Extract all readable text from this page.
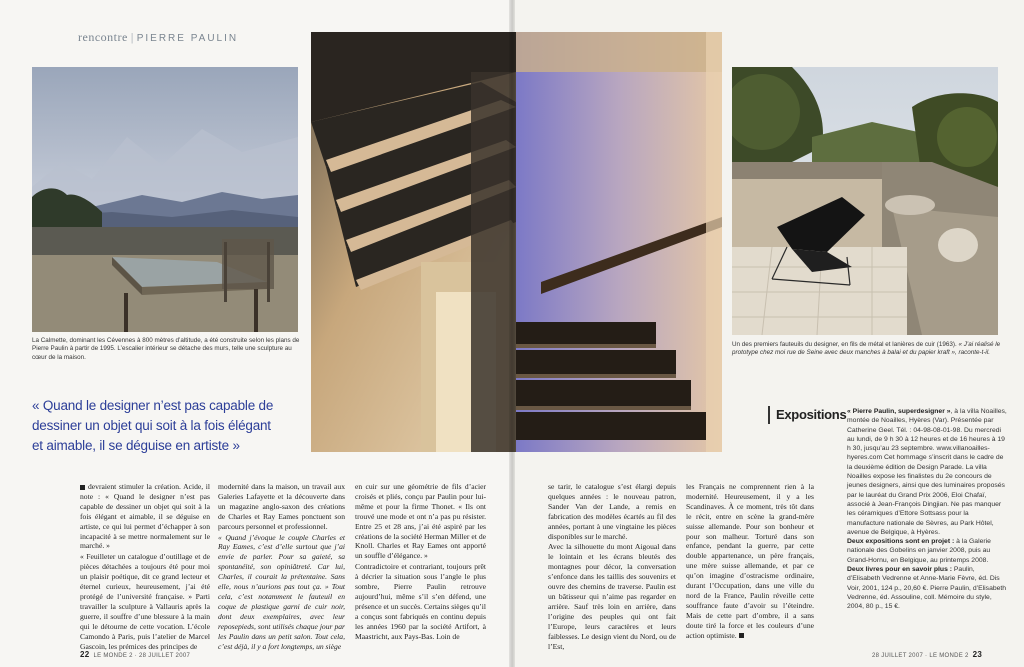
rencontre | PIERRE PAULIN
La Calmette, dominant les Cévennes à 800 mètres d’altitude, a été construite selon les plans de Pierre Paulin à partir de 1995. L’escalier intérieur se détache des murs, telle une sculpture au cœur de la maison.
Un des premiers fauteuils du designer, en fils de métal et lanières de cuir (1963). « J’ai réalisé le prototype chez moi rue de Seine avec deux manches à balai et du papier kraft », raconte-t-il.
« Quand le designer n’est pas capable de dessiner un objet qui soit à la fois élégant et aimable, il se déguise en artiste »

devraient stimuler la création. Acide, il note : « Quand le designer n’est pas capable de dessiner un objet qui soit à la fois élégant et aimable, il se déguise en artiste, ce qui lui permet d’échapper à son incapacité à se mettre normalement sur le marché. »

« Feuilleter un catalogue d’outillage et de pièces détachées a toujours été pour moi un plaisir poétique, dit ce grand lecteur et éternel curieux, heureusement, j’ai été protégé de l’université française. » Parti travailler la sculpture à Vallauris après la guerre, il souffre d’une blessure à la main qui le détourne de cette vocation. L’école Camondo à Paris, puis l’atelier de Marcel Gascoin, les prémices des principes de

modernité dans la maison, un travail aux Galeries Lafayette et la découverte dans un magazine anglo-saxon des créations de Charles et Ray Eames ponctuent son parcours personnel et professionnel.

« Quand j’évoque le couple Charles et Ray Eames, c’est d’elle surtout que j’ai envie de parler. Pour sa gaieté, sa spontanéité, son opiniâtreté. Car lui, Charles, il courait la prétentaine. Sans elle, nous n’aurions pas tout ça. » Tout cela, c’est notamment le fauteuil en coque de plastique garni de cuir noir, dont deux exemplaires, avec leur reposepieds, sont utilisés chaque jour par les Paulin dans un petit salon. Tout cela, c’est déjà, il y a fort longtemps, un siège

en cuir sur une géométrie de fils d’acier croisés et pliés, conçu par Paulin pour lui-même et pour la firme Thonet. « Ils ont trouvé une mode et ont n’a pas pu résister. Entre 25 et 28 ans, j’ai été aspiré par les créations de la société Herman Miller et de Knoll. Charles et Ray Eames ont apporté un souffle d’élégance. »

Contradictoire et contrariant, toujours prêt à décrier la situation sous l’angle le plus sombre, Pierre Paulin retrouve aujourd’hui, même s’il s’en défend, une présence et un succès. Certains sièges qu’il a conçus sont fabriqués en continu depuis les années 1960 par la société Artifort, à Maastricht, aux Pays-Bas. Loin de

se tarir, le catalogue s’est élargi depuis quelques années : le nouveau patron, Sander Van der Lande, a remis en fabrication des modèles écartés au fil des années, portant à une vingtaine les pièces disponibles sur le marché.

Avec la silhouette du mont Aigoual dans le lointain et les écrans bleutés des montagnes pour décor, la conversation s’enfonce dans les taillis des souvenirs et ouvre des chemins de traverse. Paulin est un bâtisseur qui n’aime pas regarder en arrière. Sauf très loin en arrière, dans l’origine des peuples qui ont fait l’Europe, leurs caractères et leurs faiblesses. Le design vient du Nord, ou de l’Est,

les Français ne comprennent rien à la modernité. Heureusement, il y a les Scandinaves. À ce moment, très tôt dans le récit, entre en scène la grand-mère suisse allemande. Pour son bonheur et pour son malheur. Torturé dans son enfance, pendant la guerre, par cette double appartenance, un père français, une mère suisse allemande, et par ce qu’on imagine d’ostracisme ordinaire, durant l’Occupation, dans une ville du nord de la France, Paulin réveille cette souffrance faute d’avoir su l’éteindre. Mais de cette part d’ombre, il a sans doute tiré la force et les couleurs d’une action optimiste.

Expositions « Pierre Paulin, superdesigner », à la villa Noailles, montée de Noailles, Hyères (Var). Présentée par Catherine Geel. Tél. : 04-98-08-01-98. Du mercredi au lundi, de 9 h 30 à 12 heures et de 16 heures à 19 h 30, jusqu’au 23 septembre. www.villanoailles-hyeres.com Cet hommage s’inscrit dans le cadre de la deuxième édition de Design Parade. La villa Noailles expose les finalistes du 2e concours de jeunes designers, ainsi que des luminaires proposés par le lauréat du Grand Prix 2006, Eloi Chafaï, associé à Jean-François Dingjian. Ne pas manquer les céramiques d’Ettore Sottsass pour la manufacture nationale de Sèvres, au Park Hôtel, avenue de Belgique, à Hyères.
Deux expositions sont en projet : à la Galerie nationale des Gobelins en janvier 2008, puis au Grand-Hornu, en Belgique, au printemps 2008.
Deux livres pour en savoir plus : Paulin, d’Elisabeth Vedrenne et Anne-Marie Fèvre, éd. Dis Voir, 2001, 124 p., 20,60 €. Pierre Paulin, d’Elisabeth Vedrenne, éd. Assouline, coll. Mémoire du style, 2004, 80 p., 15 €.
22 LE MONDE 2 · 28 JUILLET 2007	28 JUILLET 2007 · LE MONDE 2 23
